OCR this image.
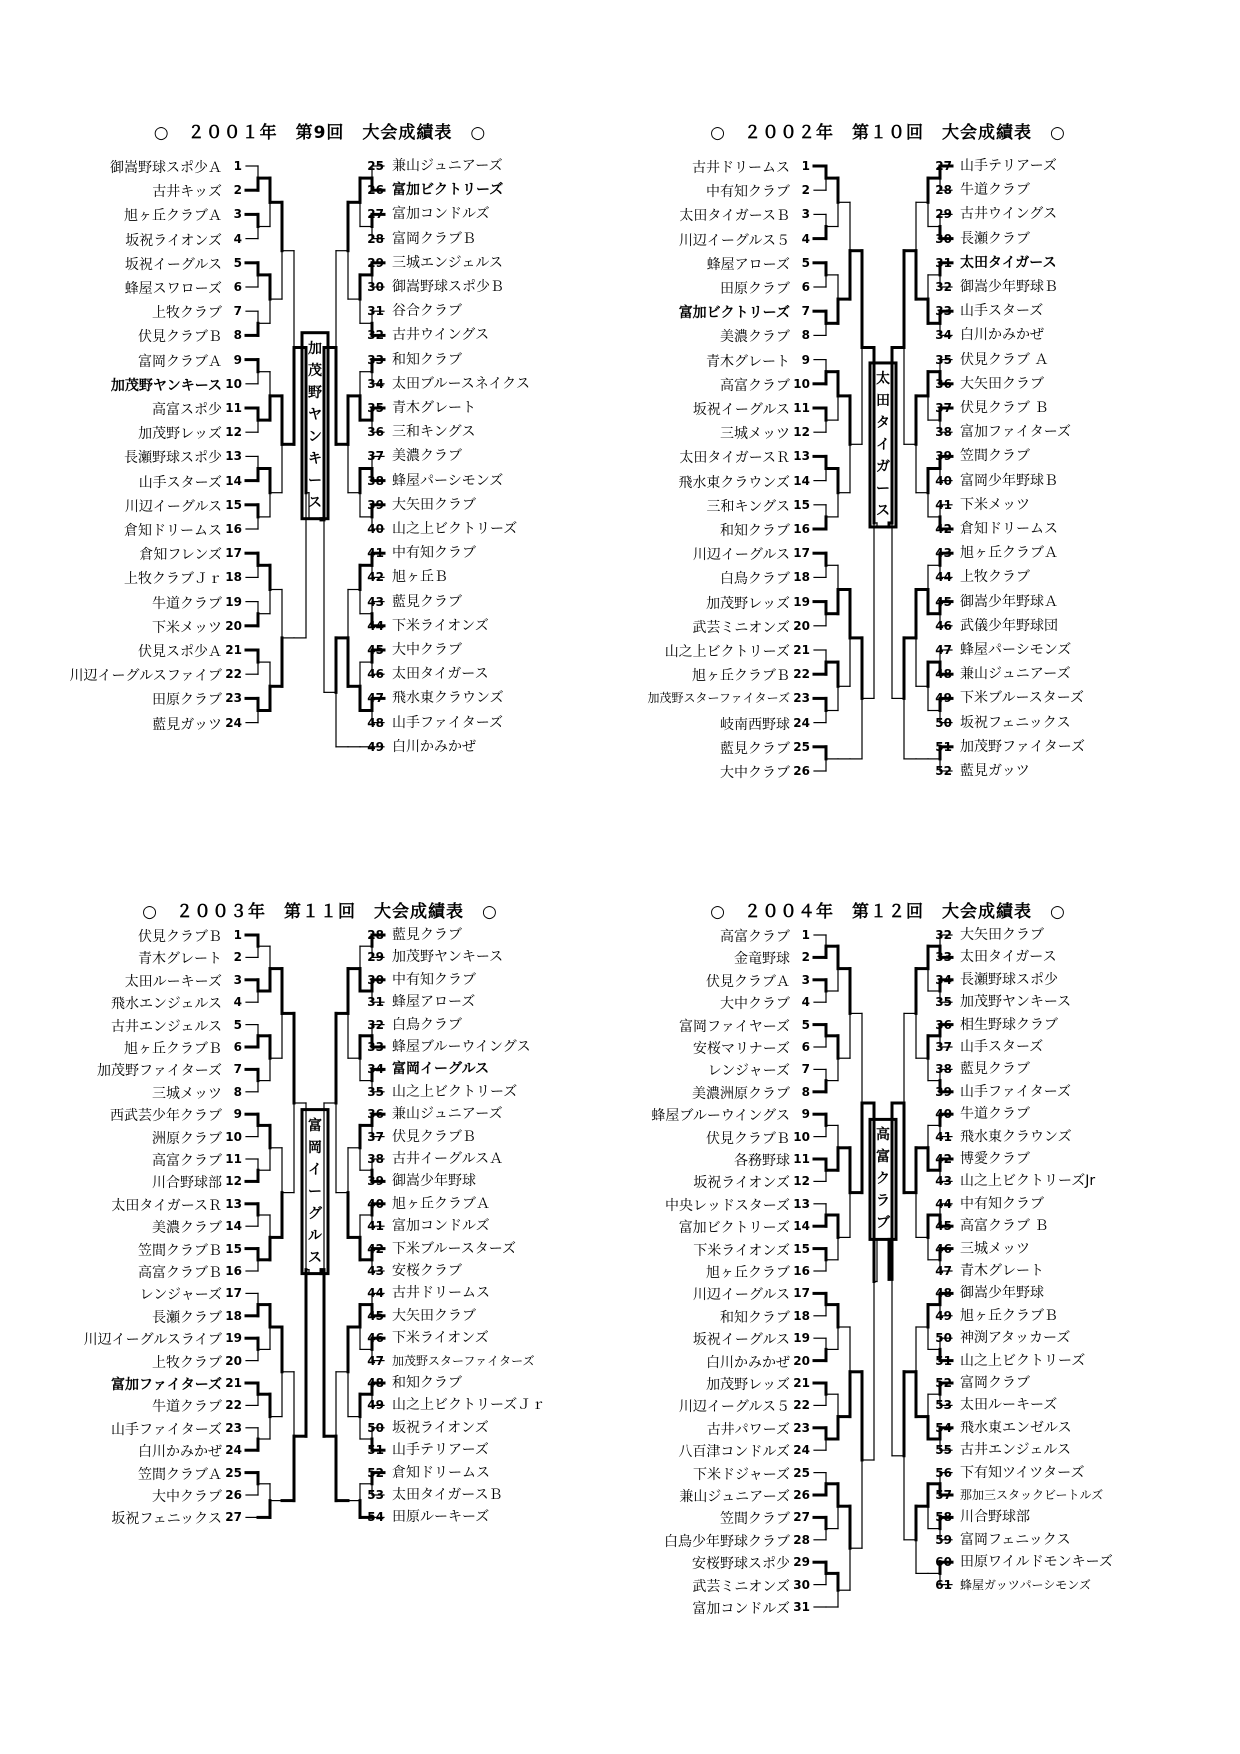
○　２００１年　第9回　大会成績表　○
御嵩野球スポ少Ａ 1
古井キッズ 2
旭ヶ丘クラブＡ 3
坂祝ライオンズ 4
坂祝イーグルス 5
蜂屋スワローズ 6
上牧クラブ 7
伏見クラブＢ 8
富岡クラブＡ 9
加茂野ヤンキース 10
高富スポ少 11
加茂野レッズ 12
長瀬野球スポ少 13
山手スターズ 14
川辺イーグルス 15
倉知ドリームス 16
倉知フレンズ 17
上牧クラブＪｒ 18
牛道クラブ 19
下米メッツ 20
伏見スポ少Ａ 21
川辺イーグルスファイブ 22
田原クラブ 23
藍見ガッツ 24
25 兼山ジュニアーズ
26 富加ビクトリーズ
27 富加コンドルズ
28 富岡クラブＢ
29 三城エンジェルス
30 御嵩野球スポ少Ｂ
31 谷合クラブ
32 古井ウイングス
33 和知クラブ
34 太田ブルースネイクス
35 青木グレート
36 三和キングス
37 美濃クラブ
38 蜂屋パーシモンズ
39 大矢田クラブ
40 山之上ビクトリーズ
41 中有知クラブ
42 旭ヶ丘Ｂ
43 藍見クラブ
44 下米ライオンズ
45 大中クラブ
46 太田タイガース
47 飛水東クラウンズ
48 山手ファイターズ
49 白川かみかぜ
加
茂
野
ヤ
ン
キ
ー
ス
○　２００２年　第１０回　大会成績表　○
古井ドリームス 1
中有知クラブ 2
太田タイガースＢ 3
川辺イーグルス５ 4
蜂屋アローズ 5
田原クラブ 6
富加ビクトリーズ 7
美濃クラブ 8
青木グレート 9
高富クラブ 10
坂祝イーグルス 11
三城メッツ 12
太田タイガースＲ 13
飛水東クラウンズ 14
三和キングス 15
和知クラブ 16
川辺イーグルス 17
白鳥クラブ 18
加茂野レッズ 19
武芸ミニオンズ 20
山之上ビクトリーズ 21
旭ヶ丘クラブＢ 22
加茂野スターファイターズ 23
岐南西野球 24
藍見クラブ 25
大中クラブ 26
27 山手テリアーズ
28 牛道クラブ
29 古井ウイングス
30 長瀬クラブ
31 太田タイガース
32 御嵩少年野球Ｂ
33 山手スターズ
34 白川かみかぜ
35 伏見クラブ Ａ
36 大矢田クラブ
37 伏見クラブ Ｂ
38 富加ファイターズ
39 笠間クラブ
40 富岡少年野球Ｂ
41 下米メッツ
42 倉知ドリームス
43 旭ヶ丘クラブＡ
44 上牧クラブ
45 御嵩少年野球Ａ
46 武儀少年野球団
47 蜂屋パーシモンズ
48 兼山ジュニアーズ
49 下米ブルースターズ
50 坂祝フェニックス
51 加茂野ファイターズ
52 藍見ガッツ
太
田
タ
イ
ガ
ー
ス
○　２００３年　第１１回　大会成績表　○
伏見クラブＢ 1
青木グレート 2
太田ルーキーズ 3
飛水エンジェルス 4
古井エンジェルス 5
旭ヶ丘クラブＢ 6
加茂野ファイターズ 7
三城メッツ 8
西武芸少年クラブ 9
洲原クラブ 10
高富クラブ 11
川合野球部 12
太田タイガースＲ 13
美濃クラブ 14
笠間クラブＢ 15
高富クラブＢ 16
レンジャーズ 17
長瀬クラブ 18
川辺イーグルスライブ 19
上牧クラブ 20
富加ファイターズ 21
牛道クラブ 22
山手ファイターズ 23
白川かみかぜ 24
笠間クラブＡ 25
大中クラブ 26
坂祝フェニックス 27
28 藍見クラブ
29 加茂野ヤンキース
30 中有知クラブ
31 蜂屋アローズ
32 白鳥クラブ
33 蜂屋ブルーウイングス
34 富岡イーグルス
35 山之上ビクトリーズ
36 兼山ジュニアーズ
37 伏見クラブＢ
38 古井イーグルスＡ
39 御嵩少年野球
40 旭ヶ丘クラブＡ
41 富加コンドルズ
42 下米ブルースターズ
43 安桜クラブ
44 古井ドリームス
45 大矢田クラブ
46 下米ライオンズ
47 加茂野スターファイターズ
48 和知クラブ
49 山之上ビクトリーズＪｒ
50 坂祝ライオンズ
51 山手テリアーズ
52 倉知ドリームス
53 太田タイガースＢ
54 田原ルーキーズ
富
岡
イ
ー
グ
ル
ス
○　２００４年　第１２回　大会成績表　○
高富クラブ 1
金竜野球 2
伏見クラブＡ 3
大中クラブ 4
富岡ファイヤーズ 5
安桜マリナーズ 6
レンジャーズ 7
美濃洲原クラブ 8
蜂屋ブルーウイングス 9
伏見クラブＢ 10
各務野球 11
坂祝ライオンズ 12
中央レッドスターズ 13
富加ビクトリーズ 14
下米ライオンズ 15
旭ヶ丘クラブ 16
川辺イーグルス 17
和知クラブ 18
坂祝イーグルス 19
白川かみかぜ 20
加茂野レッズ 21
川辺イーグルス５ 22
古井パワーズ 23
八百津コンドルズ 24
下米ドジャーズ 25
兼山ジュニアーズ 26
笠間クラブ 27
白鳥少年野球クラブ 28
安桜野球スポ少 29
武芸ミニオンズ 30
富加コンドルズ 31
32 大矢田クラブ
33 太田タイガース
34 長瀬野球スポ少
35 加茂野ヤンキース
36 相生野球クラブ
37 山手スターズ
38 藍見クラブ
39 山手ファイターズ
40 牛道クラブ
41 飛水東クラウンズ
42 博愛クラブ
43 山之上ビクトリーズJr
44 中有知クラブ
45 高富クラブ Ｂ
46 三城メッツ
47 青木グレート
48 御嵩少年野球
49 旭ヶ丘クラブＢ
50 神渕アタッカーズ
51 山之上ビクトリーズ
52 富岡クラブ
53 太田ルーキーズ
54 飛水東エンゼルス
55 古井エンジェルス
56 下有知ツイツターズ
57 那加三スタックビートルズ
58 川合野球部
59 富岡フェニックス
60 田原ワイルドモンキーズ
61 蜂屋ガッツパーシモンズ
高
富
ク
ラ
ブ
